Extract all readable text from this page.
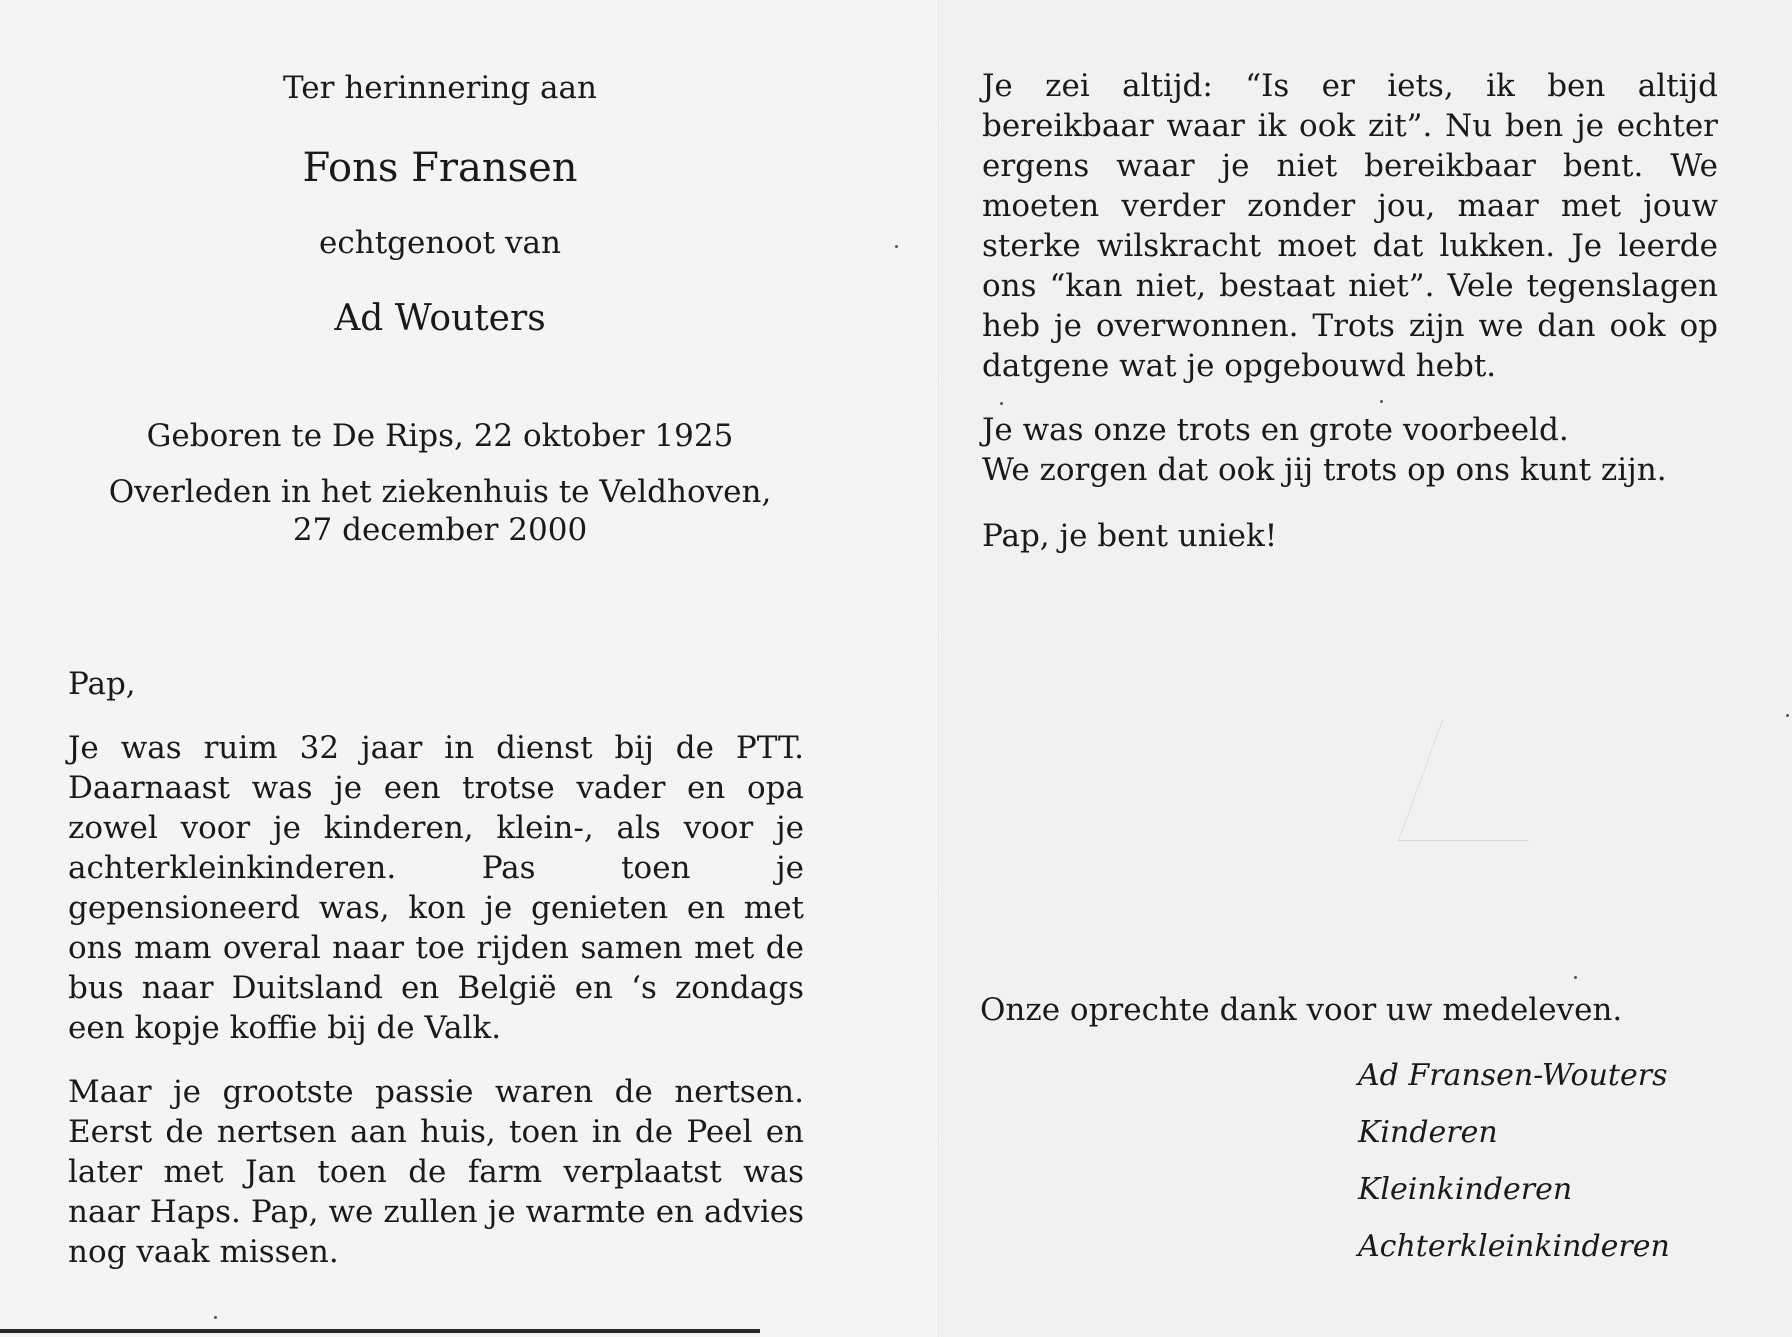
Ter herinnering aan
Fons Fransen
echtgenoot van
Ad Wouters
Geboren te De Rips, 22 oktober 1925
Overleden in het ziekenhuis te Veldhoven,
27 december 2000
Pap,
Je was ruim 32 jaar in dienst bij de PTT. Daarnaast was je een trotse vader en opa zowel voor je kinderen, klein-, als voor je achterkleinkinderen. Pas toen je gepensioneerd was, kon je genieten en met ons mam overal naar toe rijden samen met de bus naar Duitsland en België en ‘s zondags een kopje koffie bij de Valk.
Maar je grootste passie waren de nertsen. Eerst de nertsen aan huis, toen in de Peel en later met Jan toen de farm verplaatst was naar Haps. Pap, we zullen je warmte en advies nog vaak missen.
Je zei altijd: “Is er iets, ik ben altijd bereikbaar waar ik ook zit”. Nu ben je echter ergens waar je niet bereikbaar bent. We moeten verder zonder jou, maar met jouw sterke wilskracht moet dat lukken. Je leerde ons “kan niet, bestaat niet”. Vele tegenslagen heb je overwonnen. Trots zijn we dan ook op datgene wat je opgebouwd hebt.
Je was onze trots en grote voorbeeld.
We zorgen dat ook jij trots op ons kunt zijn.
Pap, je bent uniek!
Onze oprechte dank voor uw medeleven.
Ad Fransen-Wouters
Kinderen
Kleinkinderen
Achterkleinkinderen
